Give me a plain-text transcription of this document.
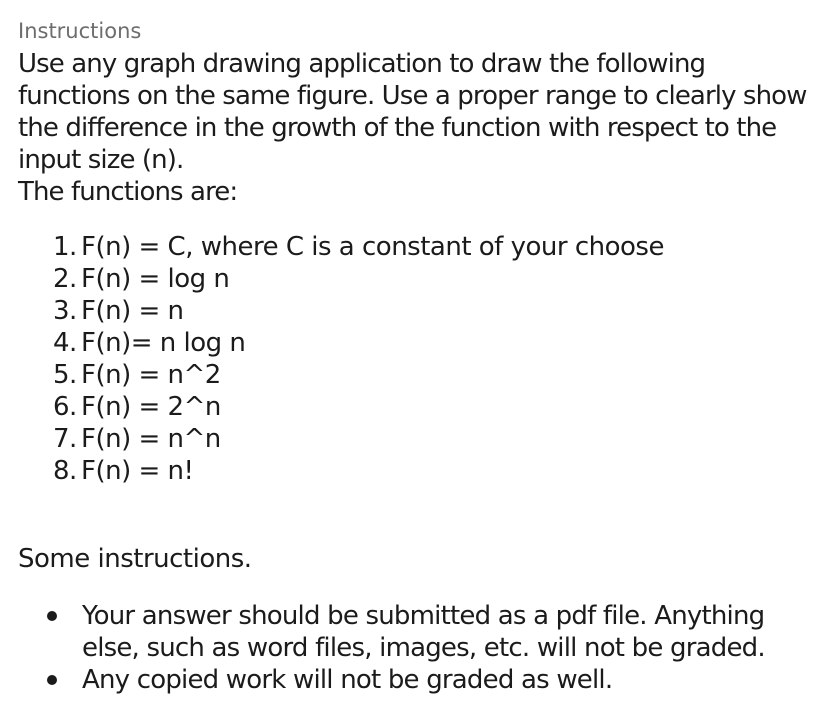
Instructions

Use any graph drawing application to draw the following

functions on the same figure. Use a proper range to clearly show

the difference in the growth of the function with respect to the

input size (n).

The functions are:

1. F(n) = C, where C is a constant of your choose
2. F(n) = log n
3. F(n) = n
4. F(n)= n log n
5. F(n) = n^2
6. F(n) = 2^n
7. F(n) = n^n
8. F(n) = n!
Some instructions.
Your answer should be submitted as a pdf file. Anything
else, such as word files, images, etc. will not be graded.
Any copied work will not be graded as well.
